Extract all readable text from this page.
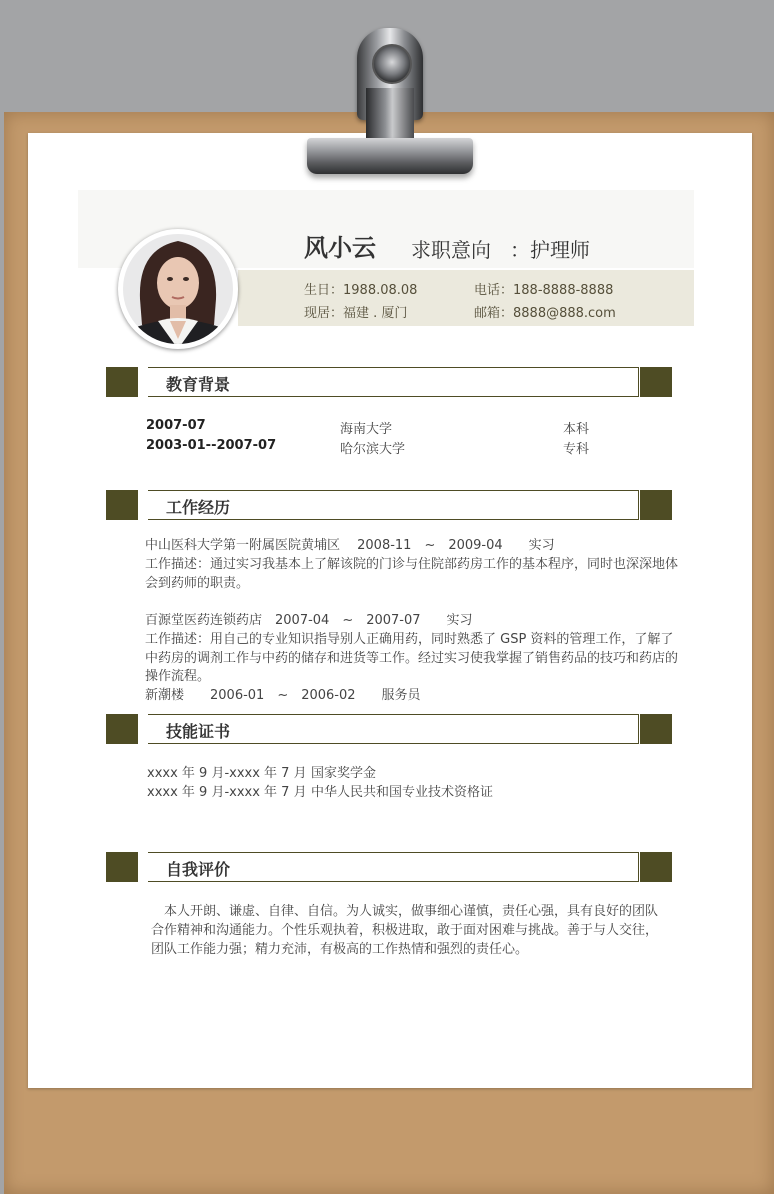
风小云 求职意向 ：护理师
生日：1988.08.08	电话：188-8888-8888
现居：福建 . 厦门	邮箱：8888@888.com
教育背景
2007-07	海南大学	本科
2003-01--2007-07	哈尔滨大学	专科
工作经历
中山医科大学第一附属医院黄埔区　 2008-11　~　2009-04　　实习
工作描述：通过实习我基本上了解该院的门诊与住院部药房工作的基本程序，同时也深深地体
会到药师的职责。
百源堂医药连锁药店　2007-04　~　2007-07　　实习
工作描述：用自己的专业知识指导别人正确用药，同时熟悉了 GSP 资料的管理工作，了解了
中药房的调剂工作与中药的储存和进货等工作。经过实习使我掌握了销售药品的技巧和药店的
操作流程。
新潮楼　　2006-01　~　2006-02　　服务员
技能证书
xxxx 年 9 月-xxxx 年 7 月 国家奖学金
xxxx 年 9 月-xxxx 年 7 月 中华人民共和国专业技术资格证
自我评价
　本人开朗、谦虚、自律、自信。为人诚实，做事细心谨慎，责任心强，具有良好的团队
合作精神和沟通能力。个性乐观执着，积极进取，敢于面对困难与挑战。善于与人交往，
团队工作能力强；精力充沛，有极高的工作热情和强烈的责任心。
